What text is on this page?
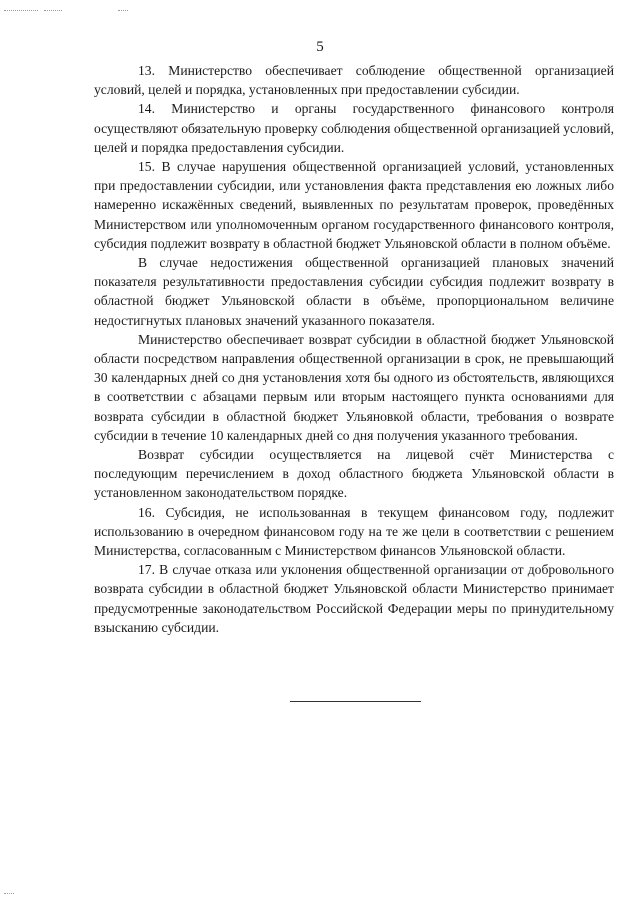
5

13. Министерство обеспечивает соблюдение общественной организацией условий, целей и порядка, установленных при предоставлении субсидии.

14. Министерство и органы государственного финансового контроля осуществляют обязательную проверку соблюдения общественной организацией условий, целей и порядка предоставления субсидии.

15. В случае нарушения общественной организацией условий, установленных при предоставлении субсидии, или установления факта представления ею ложных либо намеренно искажённых сведений, выявленных по результатам проверок, проведённых Министерством или уполномоченным органом государственного финансового контроля, субсидия подлежит возврату в областной бюджет Ульяновской области в полном объёме.

В случае недостижения общественной организацией плановых значений показателя результативности предоставления субсидии субсидия подлежит возврату в областной бюджет Ульяновской области в объёме, пропорциональном величине недостигнутых плановых значений указанного показателя.

Министерство обеспечивает возврат субсидии в областной бюджет Ульяновской области посредством направления общественной организации в срок, не превышающий 30 календарных дней со дня установления хотя бы одного из обстоятельств, являющихся в соответствии с абзацами первым или вторым настоящего пункта основаниями для возврата субсидии в областной бюджет Ульяновкой области, требования о возврате субсидии в течение 10 календарных дней со дня получения указанного требования.

Возврат субсидии осуществляется на лицевой счёт Министерства с последующим перечислением в доход областного бюджета Ульяновской области в установленном законодательством порядке.

16. Субсидия, не использованная в текущем финансовом году, подлежит использованию в очередном финансовом году на те же цели в соответствии с решением Министерства, согласованным с Министерством финансов Ульяновской области.

17. В случае отказа или уклонения общественной организации от добровольного возврата субсидии в областной бюджет Ульяновской области Министерство принимает предусмотренные законодательством Российской Федерации меры по принудительному взысканию субсидии.
